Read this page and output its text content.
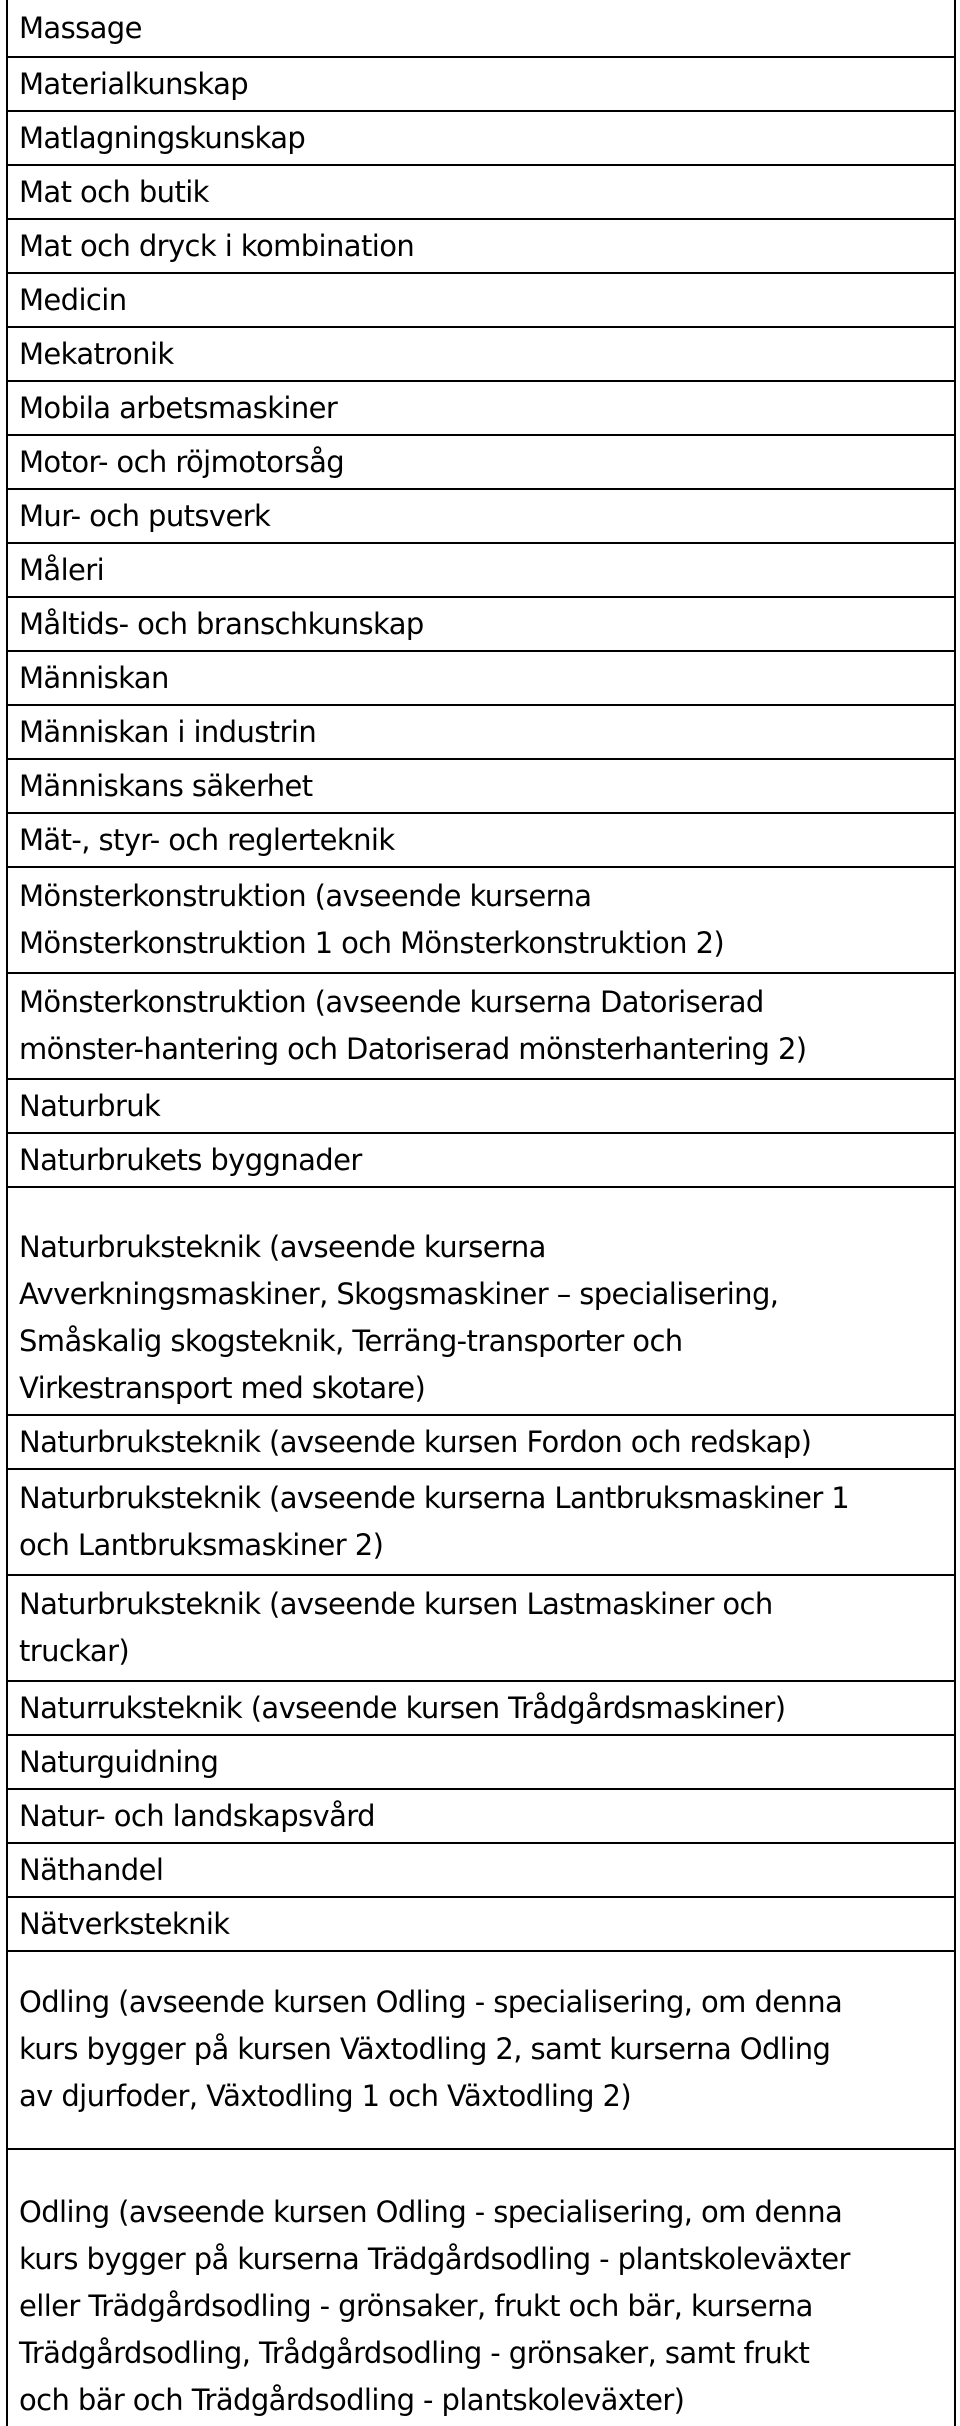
Massage
Materialkunskap
Matlagningskunskap
Mat och butik
Mat och dryck i kombination
Medicin
Mekatronik
Mobila arbetsmaskiner
Motor- och röjmotorsåg
Mur- och putsverk
Måleri
Måltids- och branschkunskap
Människan
Människan i industrin
Människans säkerhet
Mät-, styr- och reglerteknik
Mönsterkonstruktion (avseende kurserna
Mönsterkonstruktion 1 och Mönsterkonstruktion 2)
Mönsterkonstruktion (avseende kurserna Datoriserad
mönster-hantering och Datoriserad mönsterhantering 2)
Naturbruk
Naturbrukets byggnader
Naturbruksteknik (avseende kurserna
Avverkningsmaskiner, Skogsmaskiner – specialisering,
Småskalig skogsteknik, Terräng-transporter och
Virkestransport med skotare)
Naturbruksteknik (avseende kursen Fordon och redskap)
Naturbruksteknik (avseende kurserna Lantbruksmaskiner 1
och Lantbruksmaskiner 2)
Naturbruksteknik (avseende kursen Lastmaskiner och
truckar)
Naturruksteknik (avseende kursen Trådgårdsmaskiner)
Naturguidning
Natur- och landskapsvård
Näthandel
Nätverksteknik
Odling (avseende kursen Odling - specialisering, om denna
kurs bygger på kursen Växtodling 2, samt kurserna Odling
av djurfoder, Växtodling 1 och Växtodling 2)
Odling (avseende kursen Odling - specialisering, om denna
kurs bygger på kurserna Trädgårdsodling - plantskoleväxter
eller Trädgårdsodling - grönsaker, frukt och bär, kurserna
Trädgårdsodling, Trådgårdsodling - grönsaker, samt frukt
och bär och Trädgårdsodling - plantskoleväxter)
